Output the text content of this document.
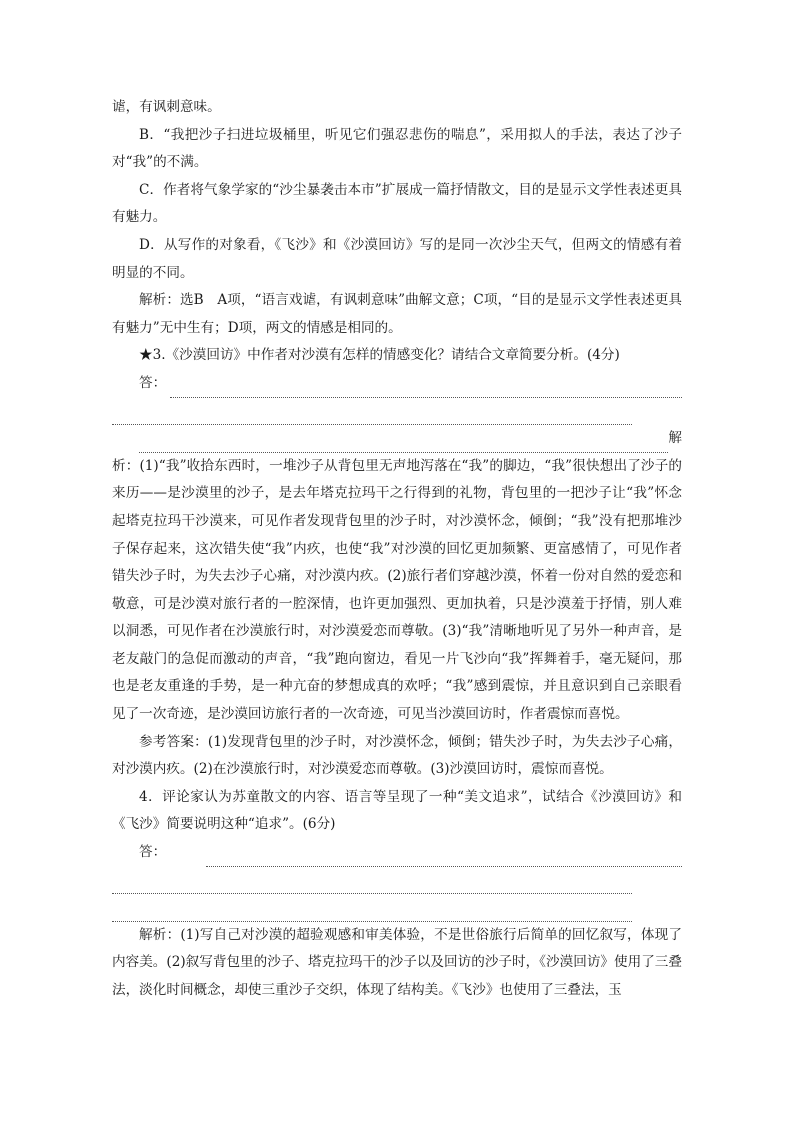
谑，有讽刺意味。

B．“我把沙子扫进垃圾桶里，听见它们强忍悲伤的喘息”，采用拟人的手法，表达了沙子对“我”的不满。

C．作者将气象学家的“沙尘暴袭击本市”扩展成一篇抒情散文，目的是显示文学性表述更具有魅力。

D．从写作的对象看，《飞沙》和《沙漠回访》写的是同一次沙尘天气，但两文的情感有着明显的不同。

解析：选B　A项，“语言戏谑，有讽刺意味”曲解文意；C项，“目的是显示文学性表述更具有魅力”无中生有；D项，两文的情感是相同的。

★3.《沙漠回访》中作者对沙漠有怎样的情感变化？请结合文章简要分析。(4分)

答：
解

析：(1)“我”收拾东西时，一堆沙子从背包里无声地泻落在“我”的脚边，“我”很快想出了沙子的来历——是沙漠里的沙子，是去年塔克拉玛干之行得到的礼物，背包里的一把沙子让“我”怀念起塔克拉玛干沙漠来，可见作者发现背包里的沙子时，对沙漠怀念，倾倒；“我”没有把那堆沙子保存起来，这次错失使“我”内疚，也使“我”对沙漠的回忆更加频繁、更富感情了，可见作者错失沙子时，为失去沙子心痛，对沙漠内疚。(2)旅行者们穿越沙漠，怀着一份对自然的爱恋和敬意，可是沙漠对旅行者的一腔深情，也许更加强烈、更加执着，只是沙漠羞于抒情，别人难以洞悉，可见作者在沙漠旅行时，对沙漠爱恋而尊敬。(3)“我”清晰地听见了另外一种声音，是老友敲门的急促而激动的声音，“我”跑向窗边，看见一片飞沙向“我”挥舞着手，毫无疑问，那也是老友重逢的手势，是一种亢奋的梦想成真的欢呼；“我”感到震惊，并且意识到自己亲眼看见了一次奇迹，是沙漠回访旅行者的一次奇迹，可见当沙漠回访时，作者震惊而喜悦。

参考答案：(1)发现背包里的沙子时，对沙漠怀念，倾倒；错失沙子时，为失去沙子心痛，对沙漠内疚。(2)在沙漠旅行时，对沙漠爱恋而尊敬。(3)沙漠回访时，震惊而喜悦。

4．评论家认为苏童散文的内容、语言等呈现了一种“美文追求”，试结合《沙漠回访》和《飞沙》简要说明这种“追求”。(6分)

答：

解析：(1)写自己对沙漠的超验观感和审美体验，不是世俗旅行后简单的回忆叙写，体现了内容美。(2)叙写背包里的沙子、塔克拉玛干的沙子以及回访的沙子时，《沙漠回访》使用了三叠法，淡化时间概念，却使三重沙子交织，体现了结构美。《飞沙》也使用了三叠法，玉
